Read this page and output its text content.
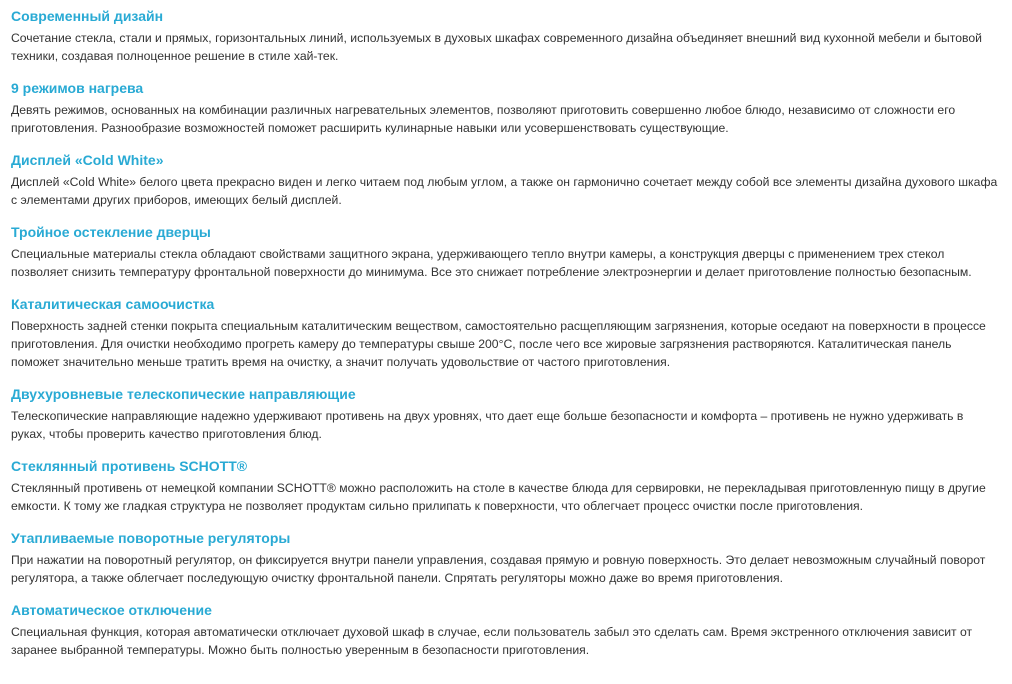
Современный дизайн

Сочетание стекла, стали и прямых, горизонтальных линий, используемых в духовых шкафах современного дизайна объединяет внешний вид кухонной мебели и бытовой техники, создавая полноценное решение в стиле хай-тек.

9 режимов нагрева

Девять режимов, основанных на комбинации различных нагревательных элементов, позволяют приготовить совершенно любое блюдо, независимо от сложности его приготовления. Разнообразие возможностей поможет расширить кулинарные навыки или усовершенствовать существующие.

Дисплей «Cold White»

Дисплей «Cold White» белого цвета прекрасно виден и легко читаем под любым углом, а также он гармонично сочетает между собой все элементы дизайна духового шкафа с элементами других приборов, имеющих белый дисплей.

Тройное остекление дверцы

Специальные материалы стекла обладают свойствами защитного экрана, удерживающего тепло внутри камеры, а конструкция дверцы с применением трех стекол позволяет снизить температуру фронтальной поверхности до минимума. Все это снижает потребление электроэнергии и делает приготовление полностью безопасным.

Каталитическая самоочистка

Поверхность задней стенки покрыта специальным каталитическим веществом, самостоятельно расщепляющим загрязнения, которые оседают на поверхности в процессе приготовления. Для очистки необходимо прогреть камеру до температуры свыше 200°С, после чего все жировые загрязнения растворяются. Каталитическая панель поможет значительно меньше тратить время на очистку, а значит получать удовольствие от частого приготовления.

Двухуровневые телескопические направляющие

Телескопические направляющие надежно удерживают противень на двух уровнях, что дает еще больше безопасности и комфорта – противень не нужно удерживать в руках, чтобы проверить качество приготовления блюд.

Стеклянный противень SCHOTT®

Стеклянный противень от немецкой компании SCHOTT® можно расположить на столе в качестве блюда для сервировки, не перекладывая приготовленную пищу в другие емкости. К тому же гладкая структура не позволяет продуктам сильно прилипать к поверхности, что облегчает процесс очистки после приготовления.

Утапливаемые поворотные регуляторы

При нажатии на поворотный регулятор, он фиксируется внутри панели управления, создавая прямую и ровную поверхность. Это делает невозможным случайный поворот регулятора, а также облегчает последующую очистку фронтальной панели. Спрятать регуляторы можно даже во время приготовления.

Автоматическое отключение

Специальная функция, которая автоматически отключает духовой шкаф в случае, если пользователь забыл это сделать сам. Время экстренного отключения зависит от заранее выбранной температуры. Можно быть полностью уверенным в безопасности приготовления.
